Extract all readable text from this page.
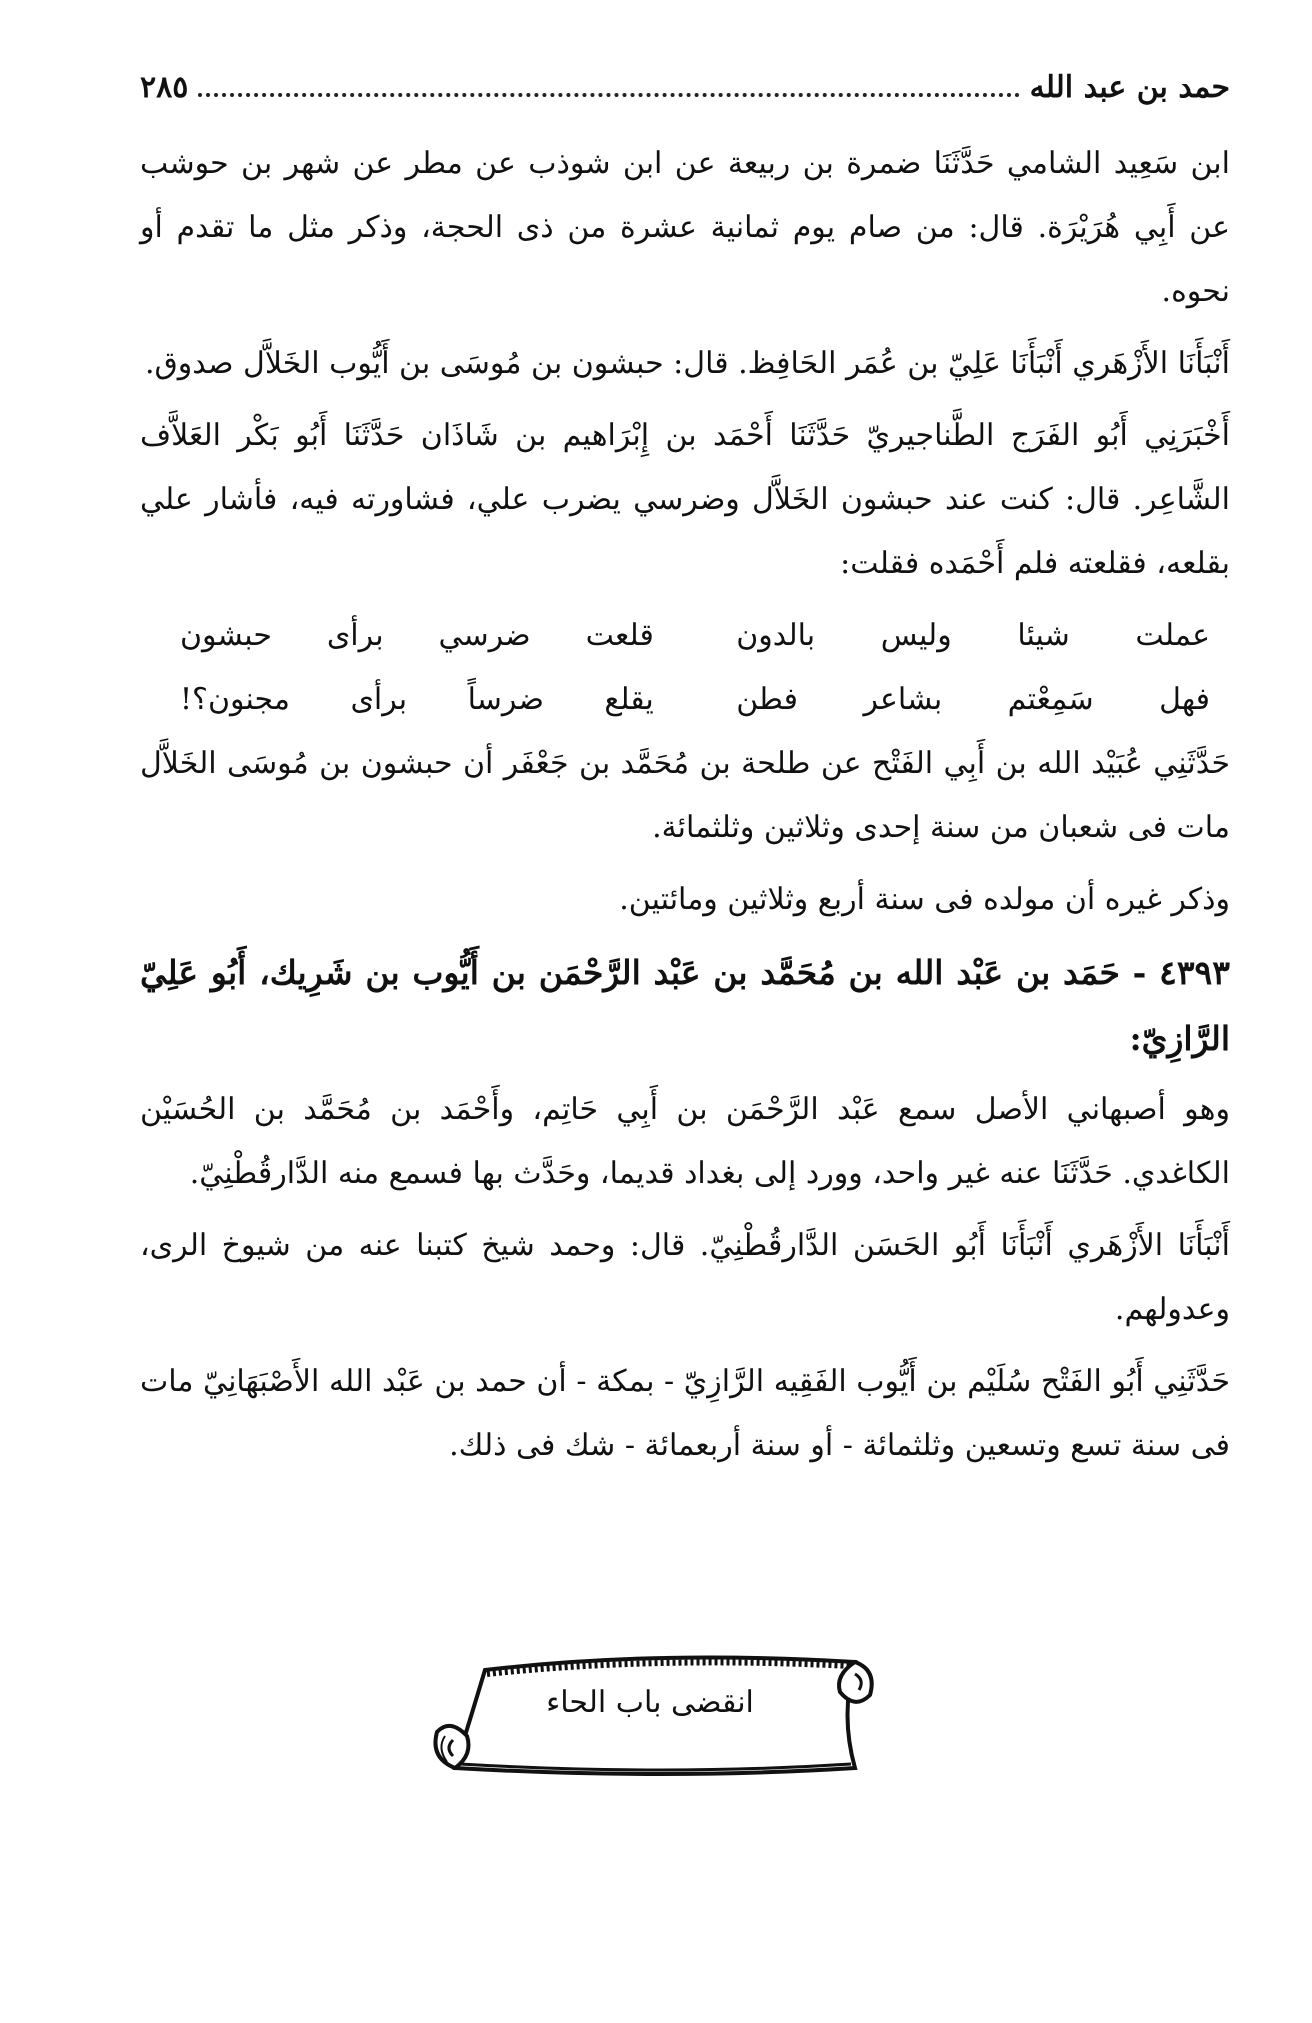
حمد بن عبد الله
٢٨٥

ابن سَعِيد الشامي حَدَّثَنَا ضمرة بن ربيعة عن ابن شوذب عن مطر عن شهر بن حوشب عن أَبِي هُرَيْرَة. قال: من صام يوم ثمانية عشرة من ذى الحجة، وذكر مثل ما تقدم أو نحوه.

أَنْبَأَنَا الأَزْهَري أَنْبَأَنَا عَلِيّ بن عُمَر الحَافِظ. قال: حبشون بن مُوسَى بن أَيُّوب الخَلاَّل صدوق.

أَخْبَرَنِي أَبُو الفَرَج الطَّناجيريّ حَدَّثَنَا أَحْمَد بن إِبْرَاهيم بن شَاذَان حَدَّثَنَا أَبُو بَكْر العَلاَّف الشَّاعِر. قال: كنت عند حبشون الخَلاَّل وضرسي يضرب علي، فشاورته فيه، فأشار علي بقلعه، فقلعته فلم أَحْمَده فقلت:

عملت شيئا وليس بالدون
قلعت ضرسي برأى حبشون
فهل سَمِعْتم بشاعر فطن
يقلع ضرساً برأى مجنون؟!

حَدَّثَنِي عُبَيْد الله بن أَبِي الفَتْح عن طلحة بن مُحَمَّد بن جَعْفَر أن حبشون بن مُوسَى الخَلاَّل مات فى شعبان من سنة إحدى وثلاثين وثلثمائة.

وذكر غيره أن مولده فى سنة أربع وثلاثين ومائتين.

٤٣٩٣ - حَمَد بن عَبْد الله بن مُحَمَّد بن عَبْد الرَّحْمَن بن أَيُّوب بن شَرِيك، أَبُو عَلِيّ الرَّازِيّ:

وهو أصبهاني الأصل سمع عَبْد الرَّحْمَن بن أَبِي حَاتِم، وأَحْمَد بن مُحَمَّد بن الحُسَيْن الكاغدي. حَدَّثَنَا عنه غير واحد، وورد إلى بغداد قديما، وحَدَّث بها فسمع منه الدَّارقُطْنِيّ.

أَنْبَأَنَا الأَزْهَري أَنْبَأَنَا أَبُو الحَسَن الدَّارقُطْنِيّ. قال: وحمد شيخ كتبنا عنه من شيوخ الرى، وعدولهم.

حَدَّثَنِي أَبُو الفَتْح سُلَيْم بن أَيُّوب الفَقِيه الرَّازِيّ - بمكة - أن حمد بن عَبْد الله الأَصْبَهَانِيّ مات فى سنة تسع وتسعين وثلثمائة - أو سنة أربعمائة - شك فى ذلك.

انقضى باب الحاء
